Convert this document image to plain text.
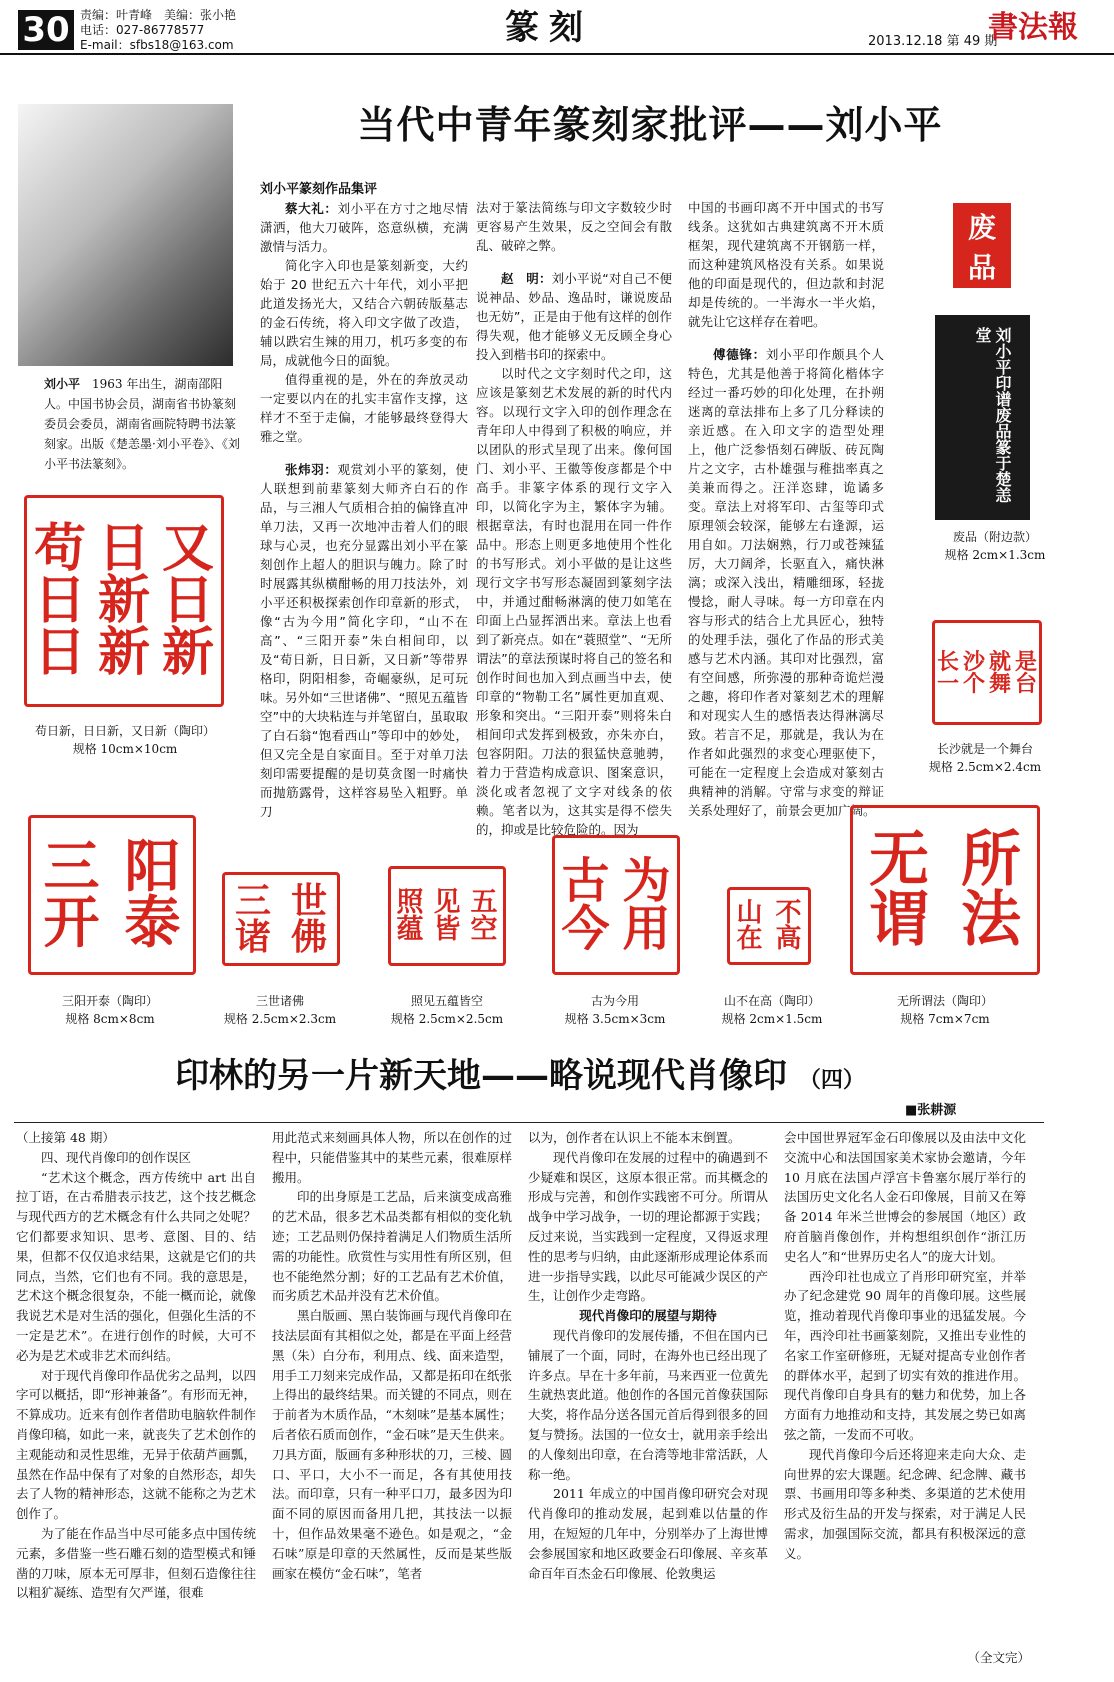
30 责编：叶青峰　美编：张小艳
电话：027-86778577
E-mail：sfbs18@163.com	篆刻	2013.12.18 第 49 期
書法報
刘小平　 1963 年出生，湖南邵阳人。中国书协会员，湖南省书协篆刻委员会委员，湖南省画院特聘书法篆刻家。出版《楚恙墨·刘小平卷》、《刘小平书法篆刻》。
当代中青年篆刻家批评——刘小平

刘小平篆刻作品集评

蔡大礼：刘小平在方寸之地尽情潇洒，他大刀破阵，恣意纵横，充满激情与活力。

简化字入印也是篆刻新变，大约始于 20 世纪五六十年代，刘小平把此道发扬光大，又结合六朝砖版墓志的金石传统，将入印文字做了改造，辅以跌宕生辣的用刀，机巧多变的布局，成就他今日的面貌。

值得重视的是，外在的奔放灵动一定要以内在的扎实丰富作支撑，这样才不至于走偏，才能够最终登得大雅之堂。

张炜羽：观赏刘小平的篆刻，使人联想到前辈篆刻大师齐白石的作品，与三湘人气质相合拍的偏锋直冲单刀法，又再一次地冲击着人们的眼球与心灵，也充分显露出刘小平在篆刻创作上超人的胆识与魄力。除了时时展露其纵横酣畅的用刀技法外，刘小平还积极探索创作印章新的形式，像“古为今用”简化字印，“山不在高”、“三阳开泰”朱白相间印，以及“荀日新，日日新，又日新”等带界格印，阴阳相参，奇崛豪纵，足可玩味。另外如“三世诸佛”、“照见五蕴皆空”中的大块粘连与并笔留白，虽取取了白石翁“饱看西山”等印中的妙处，但又完全是自家面目。至于对单刀法刻印需要提醒的是切莫贪图一时痛快而抛筋露骨，这样容易坠入粗野。单刀

法对于篆法简练与印文字数较少时更容易产生效果，反之空间会有散乱、破碎之弊。

赵　明：刘小平说“对自己不便说神品、妙品、逸品时，谦说废品也无妨”，正是由于他有这样的创作得失观，他才能够义无反顾全身心投入到楷书印的探索中。

以时代之文字刻时代之印，这应该是篆刻艺术发展的新的时代内容。以现行文字入印的创作理念在青年印人中得到了积极的响应，并以团队的形式呈现了出来。像何国门、刘小平、王徽等俊彦都是个中高手。非篆字体系的现行文字入印，以简化字为主，繁体字为辅。根据章法，有时也混用在同一件作品中。形态上则更多地使用个性化的书写形式。刘小平做的是让这些现行文字书写形态凝固到篆刻字法中，并通过酣畅淋漓的使刀如笔在印面上凸显挥洒出来。章法上也看到了新亮点。如在“蓑照堂”、“无所谓法”的章法预谋时将自己的签名和创作时间也加入到点画当中去，使印章的“物勒工名”属性更加直观、形象和突出。“三阳开泰”则将朱白相间印式发挥到极致，亦朱亦白，包容阴阳。刀法的狠猛快意驰骋，着力于营造构成意识、图案意识，淡化或者忽视了文字对线条的依赖。笔者以为，这其实是得不偿失的，抑或是比较危险的。因为

中国的书画印离不开中国式的书写线条。这犹如古典建筑离不开木质框架，现代建筑离不开钢筋一样，而这种建筑风格没有关系。如果说他的印面是现代的，但边款和封泥却是传统的。一半海水一半火焰，就先让它这样存在着吧。

傅德锋：刘小平印作颇具个人特色，尤其是他善于将简化楷体字经过一番巧妙的印化处理，在扑朔迷离的章法排布上多了几分释读的亲近感。在入印文字的造型处理上，他广泛参悟刻石碑版、砖瓦陶片之文字，古朴雄强与稚拙率真之美兼而得之。汪洋恣肆，诡谲多变。章法上对将军印、古玺等印式原理领会较深，能够左右逢源，运用自如。刀法娴熟，行刀或苍辣猛厉，大刀阔斧，长驱直入，痛快淋漓；或深入浅出，精雕细琢，轻拢慢捻，耐人寻味。每一方印章在内容与形式的结合上尤具匠心，独特的处理手法，强化了作品的形式美感与艺术内涵。其印对比强烈，富有空间感，所弥漫的那种奇诡烂漫之趣，将印作者对篆刻艺术的理解和对现实人生的感悟表达得淋漓尽致。若言不足，那就是，我认为在作者如此强烈的求变心理驱使下，可能在一定程度上会造成对篆刻古典精神的消解。守常与求变的辩证关系处理好了，前景会更加广阔。

苟 日 又
日 新 日
日 新 新
苟日新，日日新，又日新（陶印）
规格 10cm×10cm
废
品
刘小平印谱废品篆于楚恙堂
废品（附边款）
规格 2cm×1.3cm
长 沙 就 是
一 个 舞 台
长沙就是一个舞台
规格 2.5cm×2.4cm
三 阳
开 泰
三阳开泰（陶印）
规格 8cm×8cm
三 世
诸 佛
三世诸佛
规格 2.5cm×2.3cm
照 见 五
蕴 皆 空
照见五蕴皆空
规格 2.5cm×2.5cm
古 为
今 用
古为今用
规格 3.5cm×3cm
山 不
在 高
山不在高（陶印）
规格 2cm×1.5cm
无 所
谓 法
无所谓法（陶印）
规格 7cm×7cm
印林的另一片新天地——略说现代肖像印 （四）
■张耕源

（上接第 48 期）

四、现代肖像印的创作误区

“艺术这个概念，西方传统中 art 出自拉丁语，在古希腊表示技艺，这个技艺概念与现代西方的艺术概念有什么共同之处呢？它们都要求知识、思考、意图、目的、结果，但都不仅仅追求结果，这就是它们的共同点，当然，它们也有不同。我的意思是，艺术这个概念很复杂，不能一概而论，就像我说艺术是对生活的强化，但强化生活的不一定是艺术”。在进行创作的时候，大可不必为是艺术或非艺术而纠结。

对于现代肖像印作品优劣之品判，以四字可以概括，即“形神兼备”。有形而无神，不算成功。近来有创作者借助电脑软件制作肖像印稿，如此一来，就丧失了艺术创作的主观能动和灵性思维，无异于依葫芦画瓢，虽然在作品中保有了对象的自然形态，却失去了人物的精神形态，这就不能称之为艺术创作了。

为了能在作品当中尽可能多点中国传统元素，多借鉴一些石雕石刻的造型模式和锤凿的刀味，原本无可厚非，但刻石造像往往以粗犷凝练、造型有欠严谨，很难

用此范式来刻画具体人物，所以在创作的过程中，只能借鉴其中的某些元素，很难原样搬用。

印的出身原是工艺品，后来演变成高雅的艺术品，很多艺术品类都有相似的变化轨迹；工艺品则仍保持着满足人们物质生活所需的功能性。欣赏性与实用性有所区别，但也不能绝然分割；好的工艺品有艺术价值，而劣质艺术品并没有艺术价值。

黑白版画、黑白装饰画与现代肖像印在技法层面有其相似之处，都是在平面上经营黑（朱）白分布，利用点、线、面来造型，用手工刀刻来完成作品，又都是拓印在纸张上得出的最终结果。而关键的不同点，则在于前者为木质作品，“木刻味”是基本属性；后者依石质而创作，“金石味”是天生供来。刀具方面，版画有多种形状的刀，三棱、圆口、平口，大小不一而足，各有其使用技法。而印章，只有一种平口刀，最多因为印面不同的原因而备用几把，其技法一以振十，但作品效果毫不逊色。如是观之，“金石味”原是印章的天然属性，反而是某些版画家在模仿“金石味”，笔者

以为，创作者在认识上不能本末倒置。

现代肖像印在发展的过程中的确遇到不少疑难和误区，这原本很正常。而其概念的形成与完善，和创作实践密不可分。所谓从战争中学习战争，一切的理论都源于实践；反过来说，当实践到一定程度，又得返求理性的思考与归纳，由此逐渐形成理论体系而进一步指导实践，以此尽可能减少误区的产生，让创作少走弯路。

现代肖像印的展望与期待

现代肖像印的发展传播，不但在国内已铺展了一个面，同时，在海外也已经出现了许多点。早在十多年前，马来西亚一位黄先生就热衷此道。他创作的各国元首像获国际大奖，将作品分送各国元首后得到很多的回复与赞扬。法国的一位女士，就用亲手绘出的人像刻出印章，在台湾等地非常活跃，人称一绝。

2011 年成立的中国肖像印研究会对现代肖像印的推动发展，起到难以估量的作用，在短短的几年中，分别举办了上海世博会参展国家和地区政要金石印像展、辛亥革命百年百杰金石印像展、伦敦奥运

会中国世界冠军金石印像展以及由法中文化交流中心和法国国家美术家协会邀请，今年 10 月底在法国卢浮宫卡鲁塞尔展厅举行的法国历史文化名人金石印像展，目前又在筹备 2014 年米兰世博会的参展国（地区）政府首脑肖像创作，并构想组织创作“浙江历史名人”和“世界历史名人”的庞大计划。

西泠印社也成立了肖形印研究室，并举办了纪念建党 90 周年的肖像印展。这些展览，推动着现代肖像印事业的迅猛发展。今年，西泠印社书画篆刻院，又推出专业性的名家工作室研修班，无疑对提高专业创作者的群体水平，起到了切实有效的推进作用。现代肖像印自身具有的魅力和优势，加上各方面有力地推动和支持，其发展之势已如离弦之箭，一发而不可收。

现代肖像印今后还将迎来走向大众、走向世界的宏大课题。纪念碑、纪念牌、藏书票、书画用印等多种类、多渠道的艺术使用形式及衍生品的开发与探索，对于满足人民需求，加强国际交流，都具有积极深远的意义。

（全文完）
